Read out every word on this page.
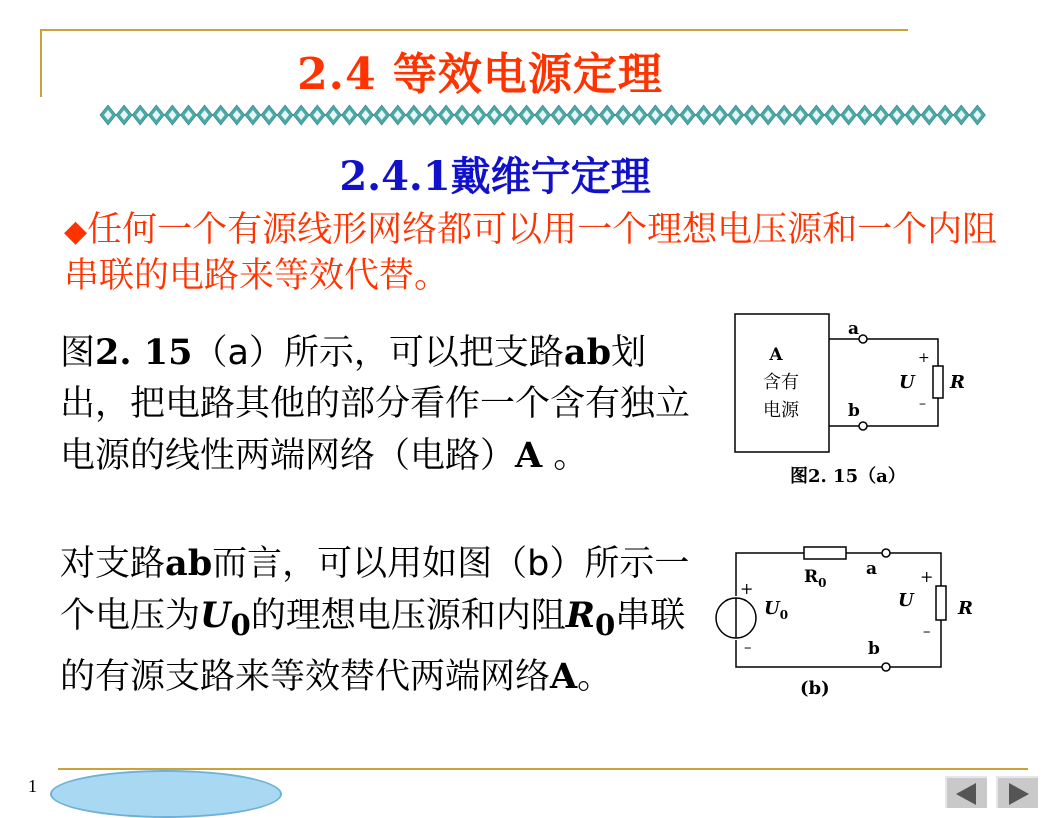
2.4 等效电源定理
2.4.1戴维宁定理
◆任何一个有源线形网络都可以用一个理想电压源和一个内阻串联的电路来等效代替。
图2. 15（a）所示，可以把支路ab划出，把电路其他的部分看作一个含有独立电源的线性两端网络（电路）A 。
对支路ab而言，可以用如图（b）所示一个电压为$U_0$的理想电压源和内阻$R_0$串联的有源支路来等效替代两端网络A。
A
含有
电源
a
b
+
–
U R
图2. 15（a）
+
–
$U_0$
$R_0$
a
b
+
–
U R
(b)
1
